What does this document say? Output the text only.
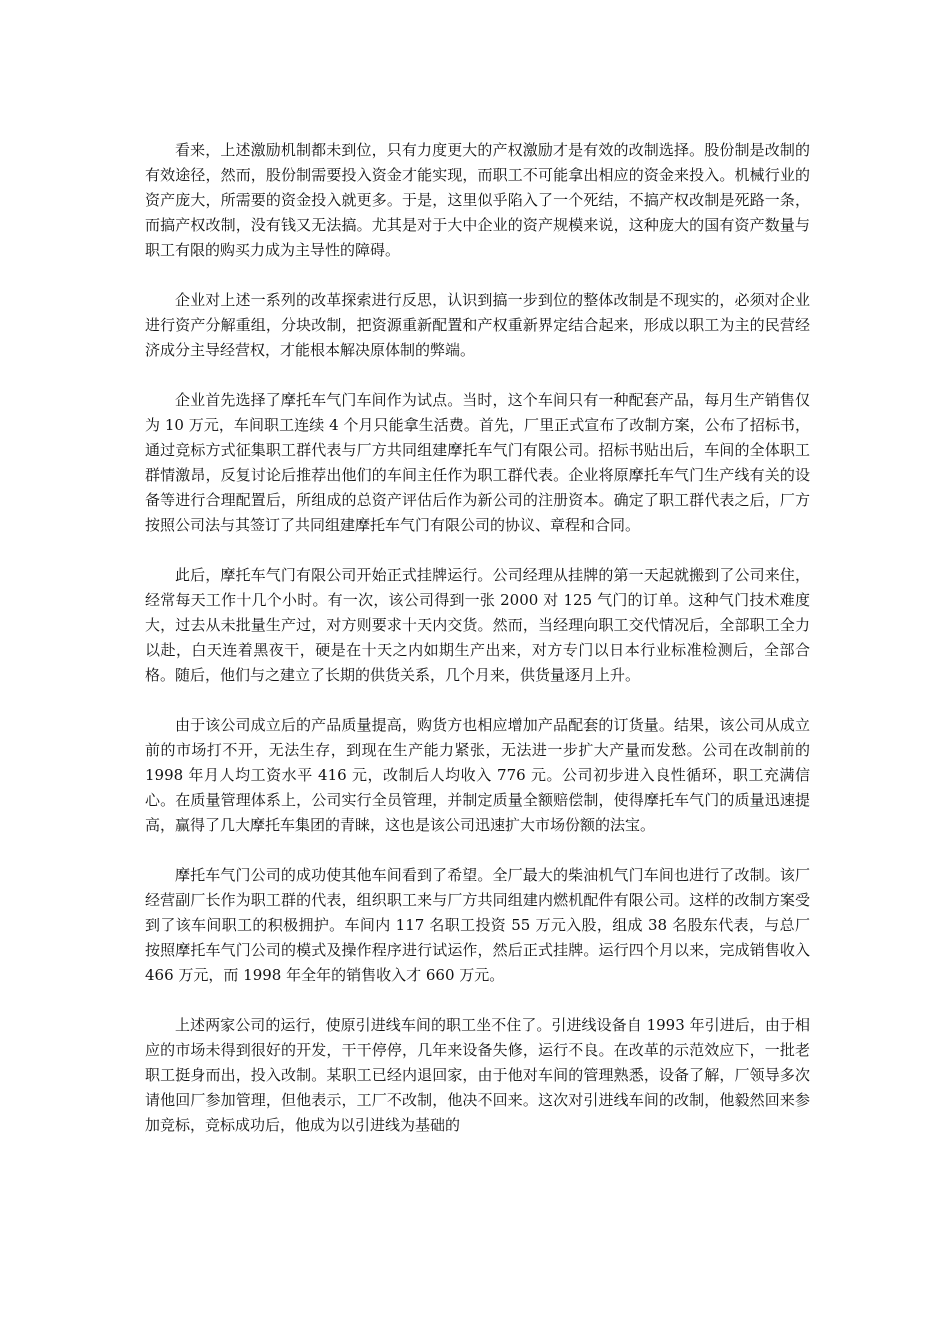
看来，上述激励机制都未到位，只有力度更大的产权激励才是有效的改制选择。股份制是改制的有效途径，然而，股份制需要投入资金才能实现，而职工不可能拿出相应的资金来投入。机械行业的资产庞大，所需要的资金投入就更多。于是，这里似乎陷入了一个死结，不搞产权改制是死路一条，而搞产权改制，没有钱又无法搞。尤其是对于大中企业的资产规模来说，这种庞大的国有资产数量与职工有限的购买力成为主导性的障碍。

企业对上述一系列的改革探索进行反思，认识到搞一步到位的整体改制是不现实的，必须对企业进行资产分解重组，分块改制，把资源重新配置和产权重新界定结合起来，形成以职工为主的民营经济成分主导经营权，才能根本解决原体制的弊端。

企业首先选择了摩托车气门车间作为试点。当时，这个车间只有一种配套产品，每月生产销售仅为 10 万元，车间职工连续 4 个月只能拿生活费。首先，厂里正式宣布了改制方案，公布了招标书，通过竞标方式征集职工群代表与厂方共同组建摩托车气门有限公司。招标书贴出后，车间的全体职工群情激昂，反复讨论后推荐出他们的车间主任作为职工群代表。企业将原摩托车气门生产线有关的设备等进行合理配置后，所组成的总资产评估后作为新公司的注册资本。确定了职工群代表之后，厂方按照公司法与其签订了共同组建摩托车气门有限公司的协议、章程和合同。

此后，摩托车气门有限公司开始正式挂牌运行。公司经理从挂牌的第一天起就搬到了公司来住，经常每天工作十几个小时。有一次，该公司得到一张 2000 对 125 气门的订单。这种气门技术难度大，过去从未批量生产过，对方则要求十天内交货。然而，当经理向职工交代情况后，全部职工全力以赴，白天连着黑夜干，硬是在十天之内如期生产出来，对方专门以日本行业标准检测后，全部合格。随后，他们与之建立了长期的供货关系，几个月来，供货量逐月上升。

由于该公司成立后的产品质量提高，购货方也相应增加产品配套的订货量。结果，该公司从成立前的市场打不开，无法生存，到现在生产能力紧张，无法进一步扩大产量而发愁。公司在改制前的 1998 年月人均工资水平 416 元，改制后人均收入 776 元。公司初步进入良性循环，职工充满信心。在质量管理体系上，公司实行全员管理，并制定质量全额赔偿制，使得摩托车气门的质量迅速提高，赢得了几大摩托车集团的青睐，这也是该公司迅速扩大市场份额的法宝。

摩托车气门公司的成功使其他车间看到了希望。全厂最大的柴油机气门车间也进行了改制。该厂经营副厂长作为职工群的代表，组织职工来与厂方共同组建内燃机配件有限公司。这样的改制方案受到了该车间职工的积极拥护。车间内 117 名职工投资 55 万元入股，组成 38 名股东代表，与总厂按照摩托车气门公司的模式及操作程序进行试运作，然后正式挂牌。运行四个月以来，完成销售收入 466 万元，而 1998 年全年的销售收入才 660 万元。

上述两家公司的运行，使原引进线车间的职工坐不住了。引进线设备自 1993 年引进后，由于相应的市场未得到很好的开发，干干停停，几年来设备失修，运行不良。在改革的示范效应下，一批老职工挺身而出，投入改制。某职工已经内退回家，由于他对车间的管理熟悉，设备了解，厂领导多次请他回厂参加管理，但他表示，工厂不改制，他决不回来。这次对引进线车间的改制，他毅然回来参加竞标，竞标成功后，他成为以引进线为基础的
